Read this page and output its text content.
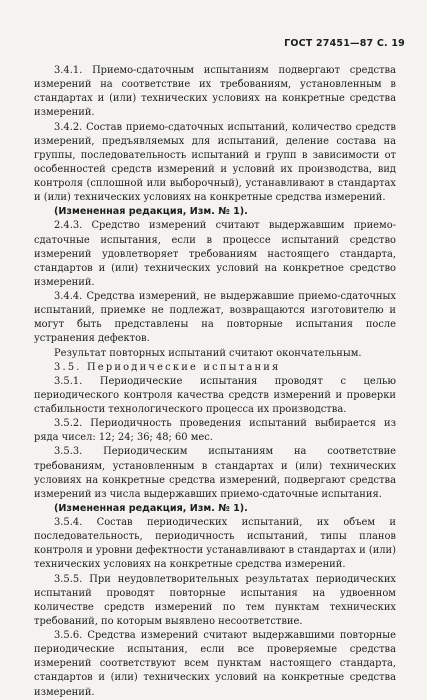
ГОСТ 27451—87 С. 19

3.4.1. Приемо-сдаточным испытаниям подвергают средства измерений на соответствие их требованиям, установленным в стандартах и (или) технических условиях на конкретные средства измерений.

3.4.2. Состав приемо-сдаточных испытаний, количество средств измерений, предъявляемых для испытаний, деление состава на группы, последовательность испытаний и групп в зависимости от особенностей средств измерений и условий их производства, вид контроля (сплошной или выборочный), устанавливают в стандартах и (или) технических условиях на конкретные средства измерений.

(Измененная редакция, Изм. № 1).

2.4.3. Средство измерений считают выдержавшим приемо-сдаточные испытания, если в процессе испытаний средство измерений удовлетворяет требованиям настоящего стандарта, стандартов и (или) технических условий на конкретное средство измерений.

3.4.4. Средства измерений, не выдержавшие приемо-сдаточных испытаний, приемке не подлежат, возвращаются изготовителю и могут быть представлены на повторные испытания после устранения дефектов.

Результат повторных испытаний считают окончательным.

3.5. Периодические испытания

3.5.1. Периодические испытания проводят с целью периодического контроля качества средств измерений и проверки стабильности технологического процесса их производства.

3.5.2. Периодичность проведения испытаний выбирается из ряда чисел: 12; 24; 36; 48; 60 мес.

3.5.3. Периодическим испытаниям на соответствие требованиям, установленным в стандартах и (или) технических условиях на конкретные средства измерений, подвергают средства измерений из числа выдержавших приемо-сдаточные испытания.

(Измененная редакция, Изм. № 1).

3.5.4. Состав периодических испытаний, их объем и последовательность, периодичность испытаний, типы планов контроля и уровни дефектности устанавливают в стандартах и (или) технических условиях на конкретные средства измерений.

3.5.5. При неудовлетворительных результатах периодических испытаний проводят повторные испытания на удвоенном количестве средств измерений по тем пунктам технических требований, по которым выявлено несоответствие.

3.5.6. Средства измерений считают выдержавшими повторные периодические испытания, если все проверяемые средства измерений соответствуют всем пунктам настоящего стандарта, стандартов и (или) технических условий на конкретные средства измерений.
